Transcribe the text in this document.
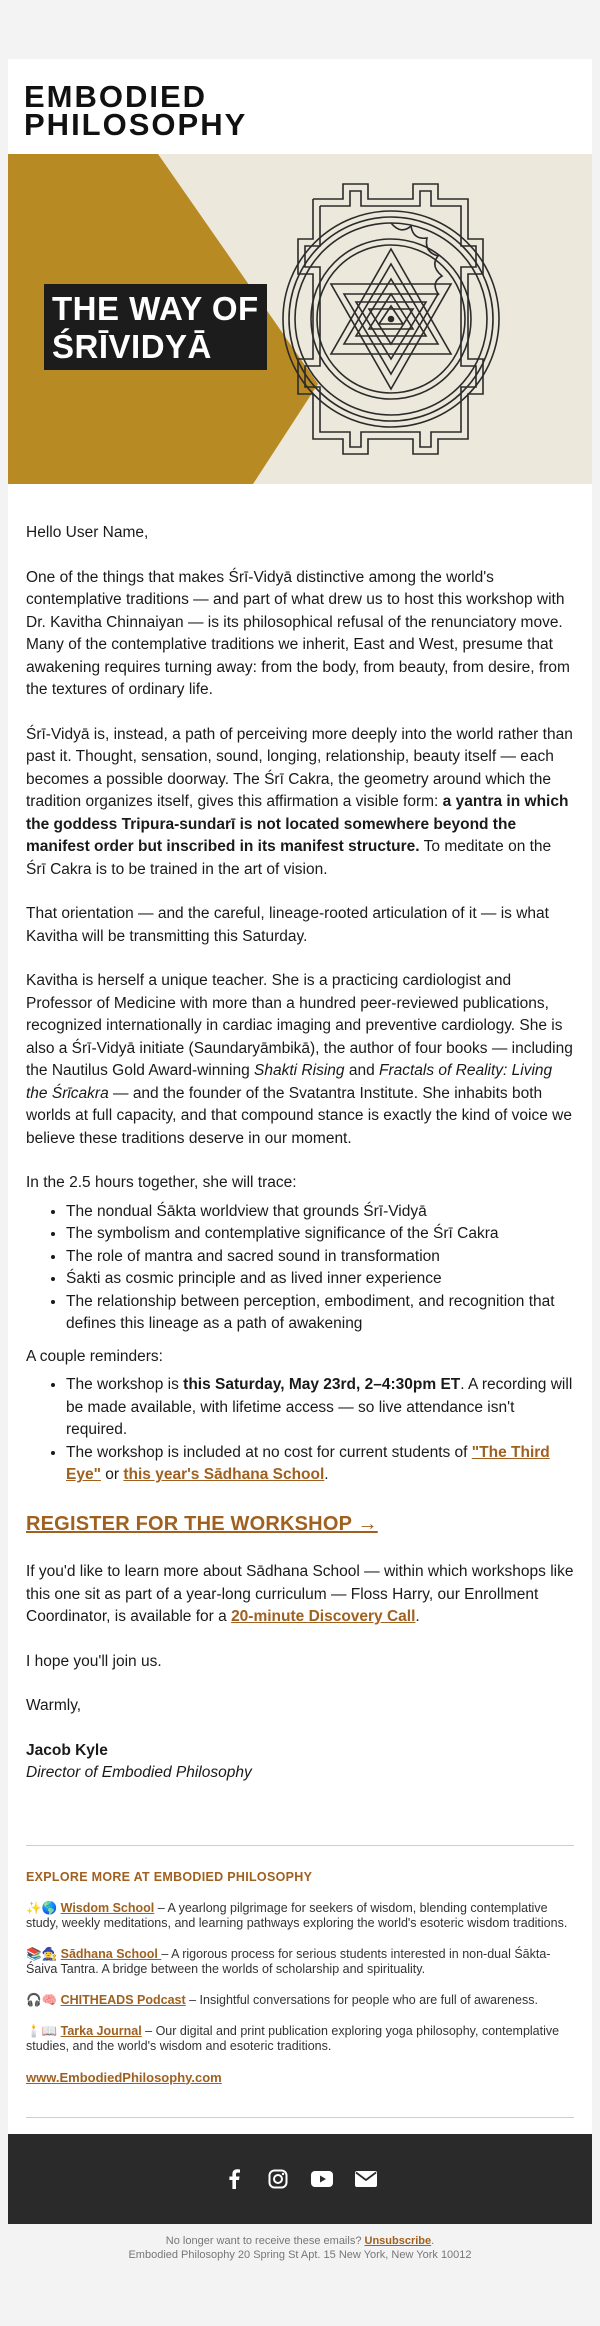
EMBODIED
PHILOSOPHY
THE WAY OF
ŚRĪVIDYĀ

Hello User Name,

One of the things that makes Śrī-Vidyā distinctive among the world's contemplative traditions — and part of what drew us to host this workshop with Dr. Kavitha Chinnaiyan — is its philosophical refusal of the renunciatory move. Many of the contemplative traditions we inherit, East and West, presume that awakening requires turning away: from the body, from beauty, from desire, from the textures of ordinary life.

Śrī-Vidyā is, instead, a path of perceiving more deeply into the world rather than past it. Thought, sensation, sound, longing, relationship, beauty itself — each becomes a possible doorway. The Śrī Cakra, the geometry around which the tradition organizes itself, gives this affirmation a visible form: a yantra in which the goddess Tripura-sundarī is not located somewhere beyond the manifest order but inscribed in its manifest structure. To meditate on the Śrī Cakra is to be trained in the art of vision.

That orientation — and the careful, lineage-rooted articulation of it — is what Kavitha will be transmitting this Saturday.

Kavitha is herself a unique teacher. She is a practicing cardiologist and Professor of Medicine with more than a hundred peer-reviewed publications, recognized internationally in cardiac imaging and preventive cardiology. She is also a Śrī-Vidyā initiate (Saundaryāmbikā), the author of four books — including the Nautilus Gold Award-winning Shakti Rising and Fractals of Reality: Living the Śrīcakra — and the founder of the Svatantra Institute. She inhabits both worlds at full capacity, and that compound stance is exactly the kind of voice we believe these traditions deserve in our moment.

In the 2.5 hours together, she will trace:

• The nondual Śākta worldview that grounds Śrī-Vidyā
• The symbolism and contemplative significance of the Śrī Cakra
• The role of mantra and sacred sound in transformation
• Śakti as cosmic principle and as lived inner experience
• The relationship between perception, embodiment, and recognition that defines this lineage as a path of awakening

A couple reminders:

• The workshop is this Saturday, May 23rd, 2–4:30pm ET. A recording will be made available, with lifetime access — so live attendance isn't required.
• The workshop is included at no cost for current students of "The Third Eye" or this year's Sādhana School.
REGISTER FOR THE WORKSHOP →

If you'd like to learn more about Sādhana School — within which workshops like this one sit as part of a year-long curriculum — Floss Harry, our Enrollment Coordinator, is available for a 20-minute Discovery Call.

I hope you'll join us.

Warmly,

Jacob Kyle
Director of Embodied Philosophy
EXPLORE MORE AT EMBODIED PHILOSOPHY
✨🌎 Wisdom School – A yearlong pilgrimage for seekers of wisdom, blending contemplative study, weekly meditations, and learning pathways exploring the world's esoteric wisdom traditions.
📚🧙‍♀️ Sādhana School – A rigorous process for serious students interested in non-dual Śākta-Śaiva Tantra. A bridge between the worlds of scholarship and spirituality.
🎧🧠 CHITHEADS Podcast – Insightful conversations for people who are full of awareness.
🕯️📖 Tarka Journal – Our digital and print publication exploring yoga philosophy, contemplative studies, and the world's wisdom and esoteric traditions.
www.EmbodiedPhilosophy.com
No longer want to receive these emails? Unsubscribe.
Embodied Philosophy 20 Spring St Apt. 15 New York, New York 10012
